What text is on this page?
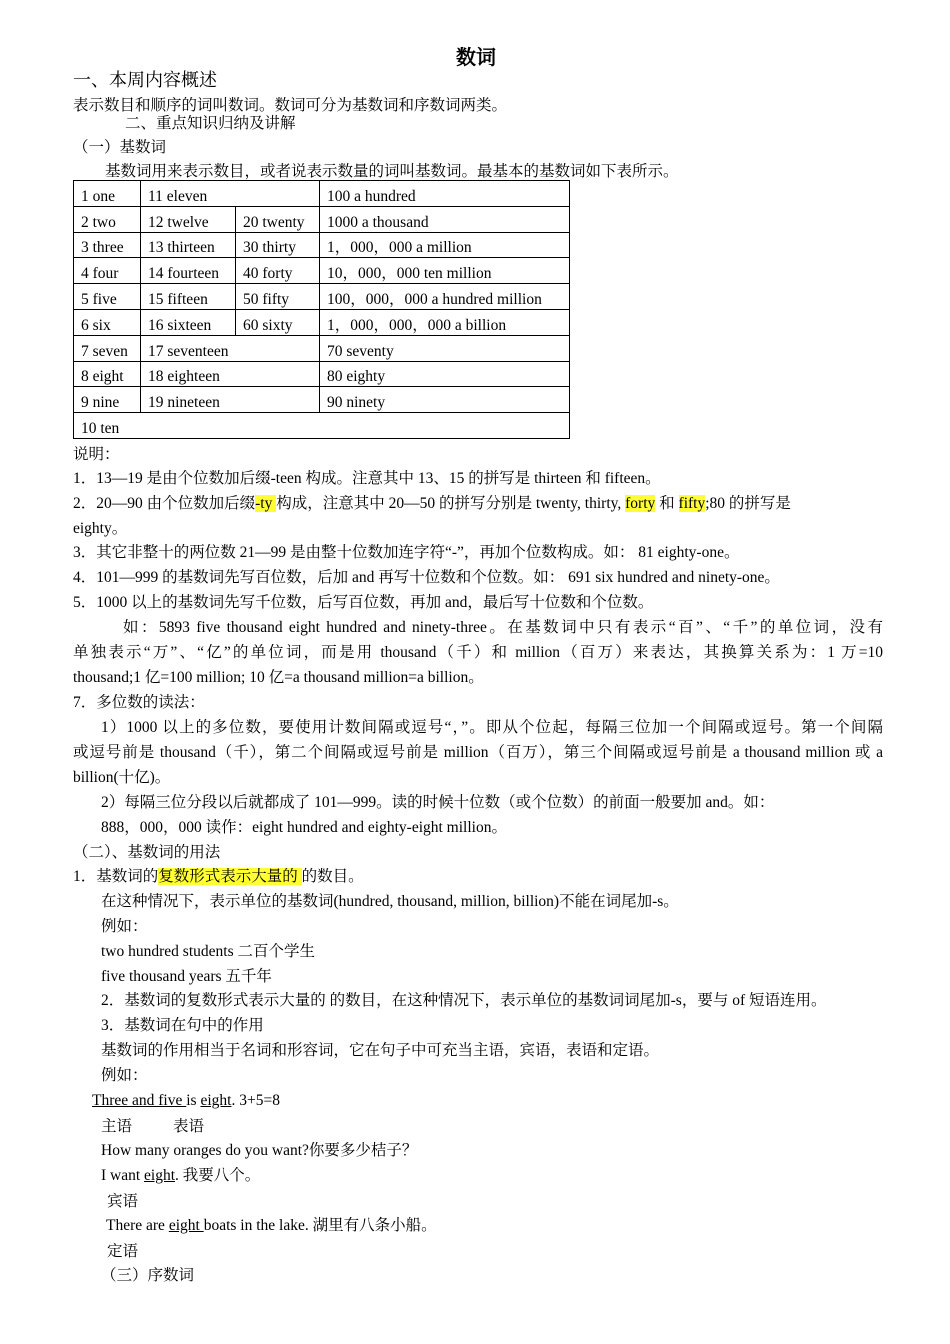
数词
一、本周内容概述
表示数目和顺序的词叫数词。数词可分为基数词和序数词两类。
二、重点知识归纳及讲解
（一）基数词
基数词用来表示数目，或者说表示数量的词叫基数词。最基本的基数词如下表所示。
1 one	11 eleven		100 a hundred
2 two	12 twelve	20 twenty	1000 a thousand
3 three	13 thirteen	30 thirty	1，000，000 a million
4 four	14 fourteen	40 forty	10，000，000 ten million
5 five	15 fifteen	50 fifty	100，000，000 a hundred million
6 six	16 sixteen	60 sixty	1，000，000，000 a billion
7 seven	17 seventeen		70 seventy
8 eight	18 eighteen		80 eighty
9 nine	19 nineteen		90 ninety
10 ten			
说明：
1．13—19 是由个位数加后缀-teen 构成。注意其中 13、15 的拼写是 thirteen 和 fifteen。
2．20—90 由个位数加后缀-ty 构成，注意其中 20—50 的拼写分别是 twenty, thirty, forty 和 fifty;80 的拼写是
eighty。
3．其它非整十的两位数 21—99 是由整十位数加连字符“-”，再加个位数构成。如： 81 eighty-one。
4．101—999 的基数词先写百位数，后加 and 再写十位数和个位数。如： 691 six hundred and ninety-one。
5．1000 以上的基数词先写千位数，后写百位数，再加 and，最后写十位数和个位数。
如：5893 five thousand eight hundred and ninety-three。在基数词中只有表示“百”、“千”的单位词，没有
单独表示“万”、“亿”的单位词，而是用 thousand（千）和 million（百万）来表达，其换算关系为：1 万=10
thousand;1 亿=100 million; 10 亿=a thousand million=a billion。
7．多位数的读法：
1）1000 以上的多位数，要使用计数间隔或逗号“，”。即从个位起，每隔三位加一个间隔或逗号。第一个间隔
或逗号前是 thousand（千），第二个间隔或逗号前是 million（百万），第三个间隔或逗号前是 a thousand million 或 a
billion(十亿)。
2）每隔三位分段以后就都成了 101—999。读的时候十位数（或个位数）的前面一般要加 and。如：
888，000，000 读作：eight hundred and eighty-eight million。
（二）、基数词的用法
1．基数词的复数形式表示大量的 的数目。
在这种情况下，表示单位的基数词(hundred, thousand, million, billion)不能在词尾加-s。
例如：
two hundred students 二百个学生
five thousand years 五千年
2．基数词的复数形式表示大量的 的数目，在这种情况下，表示单位的基数词词尾加-s，要与 of 短语连用。
3．基数词在句中的作用
基数词的作用相当于名词和形容词，它在句子中可充当主语，宾语，表语和定语。
例如：
Three and five is eight. 3+5=8
主语	表语
How many oranges do you want?你要多少桔子？
I want eight. 我要八个。
宾语
There are eight boats in the lake. 湖里有八条小船。
定语
（三）序数词
